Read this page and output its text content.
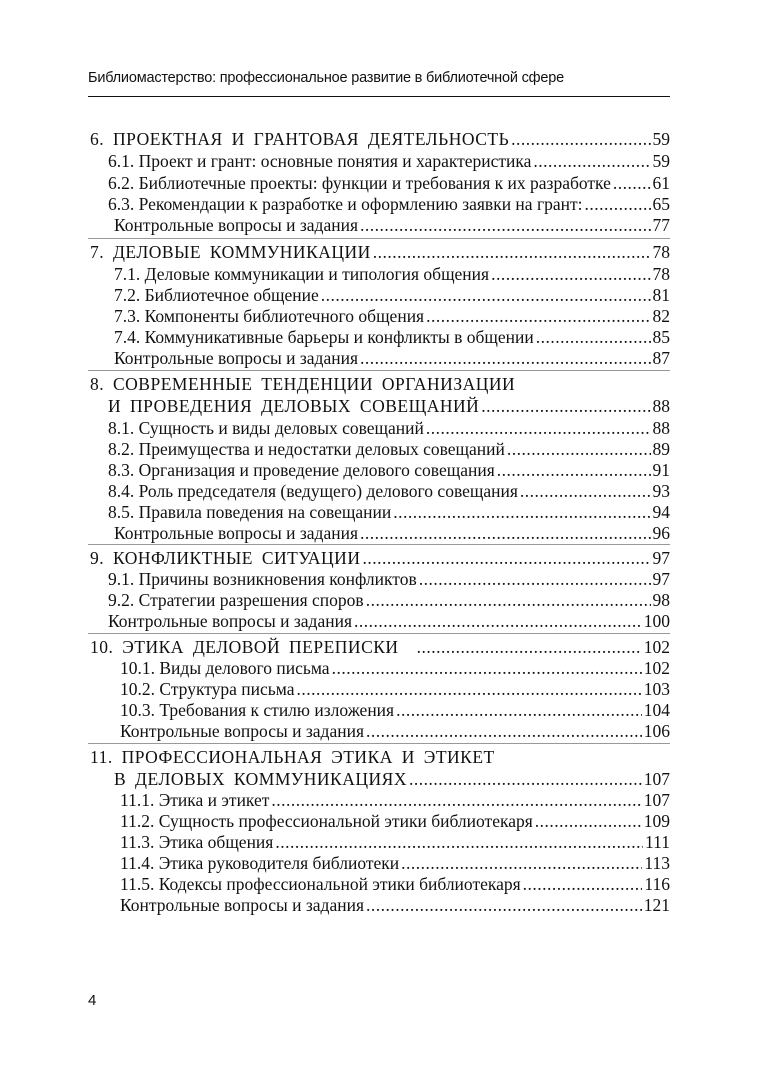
Библиомастерство: профессиональное развитие в библиотечной сфере
6. ПРОЕКТНАЯ И ГРАНТОВАЯ ДЕЯТЕЛЬНОСТЬ .....	59
6.1. Проект и грант: основные понятия и характеристика .....	59
6.2. Библиотечные проекты: функции и требования к их разработке ..... 61
6.3. Рекомендации к разработке и оформлению заявки на грант: .....	65
Контрольные вопросы и задания .....	77
7. ДЕЛОВЫЕ КОММУНИКАЦИИ .....	78
7.1. Деловые коммуникации и типология общения .....	78
7.2. Библиотечное общение .....	81
7.3. Компоненты библиотечного общения .....	82
7.4. Коммуникативные барьеры и конфликты в общении .....	85
Контрольные вопросы и задания .....	87
8. СОВРЕМЕННЫЕ ТЕНДЕНЦИИ ОРГАНИЗАЦИИ
И ПРОВЕДЕНИЯ ДЕЛОВЫХ СОВЕЩАНИЙ .....	88
8.1. Сущность и виды деловых совещаний .....	88
8.2. Преимущества и недостатки деловых совещаний .....	89
8.3. Организация и проведение делового совещания .....	91
8.4. Роль председателя (ведущего) делового совещания .....	93
8.5. Правила поведения на совещании .....	94
Контрольные вопросы и задания .....	96
9. КОНФЛИКТНЫЕ СИТУАЦИИ .....	97
9.1. Причины возникновения конфликтов .....	97
9.2. Стратегии разрешения споров .....	98
Контрольные вопросы и задания .....	100
10. ЭТИКА ДЕЛОВОЙ ПЕРЕПИСКИ .....	102
10.1. Виды делового письма .....	102
10.2. Структура письма .....	103
10.3. Требования к стилю изложения .....	104
Контрольные вопросы и задания .....	106
11. ПРОФЕССИОНАЛЬНАЯ ЭТИКА И ЭТИКЕТ
В ДЕЛОВЫХ КОММУНИКАЦИЯХ .....	107
11.1. Этика и этикет .....	107
11.2. Сущность профессиональной этики библиотекаря .....	109
11.3. Этика общения .....	111
11.4. Этика руководителя библиотеки .....	113
11.5. Кодексы профессиональной этики библиотекаря .....	116
Контрольные вопросы и задания .....	121
4
